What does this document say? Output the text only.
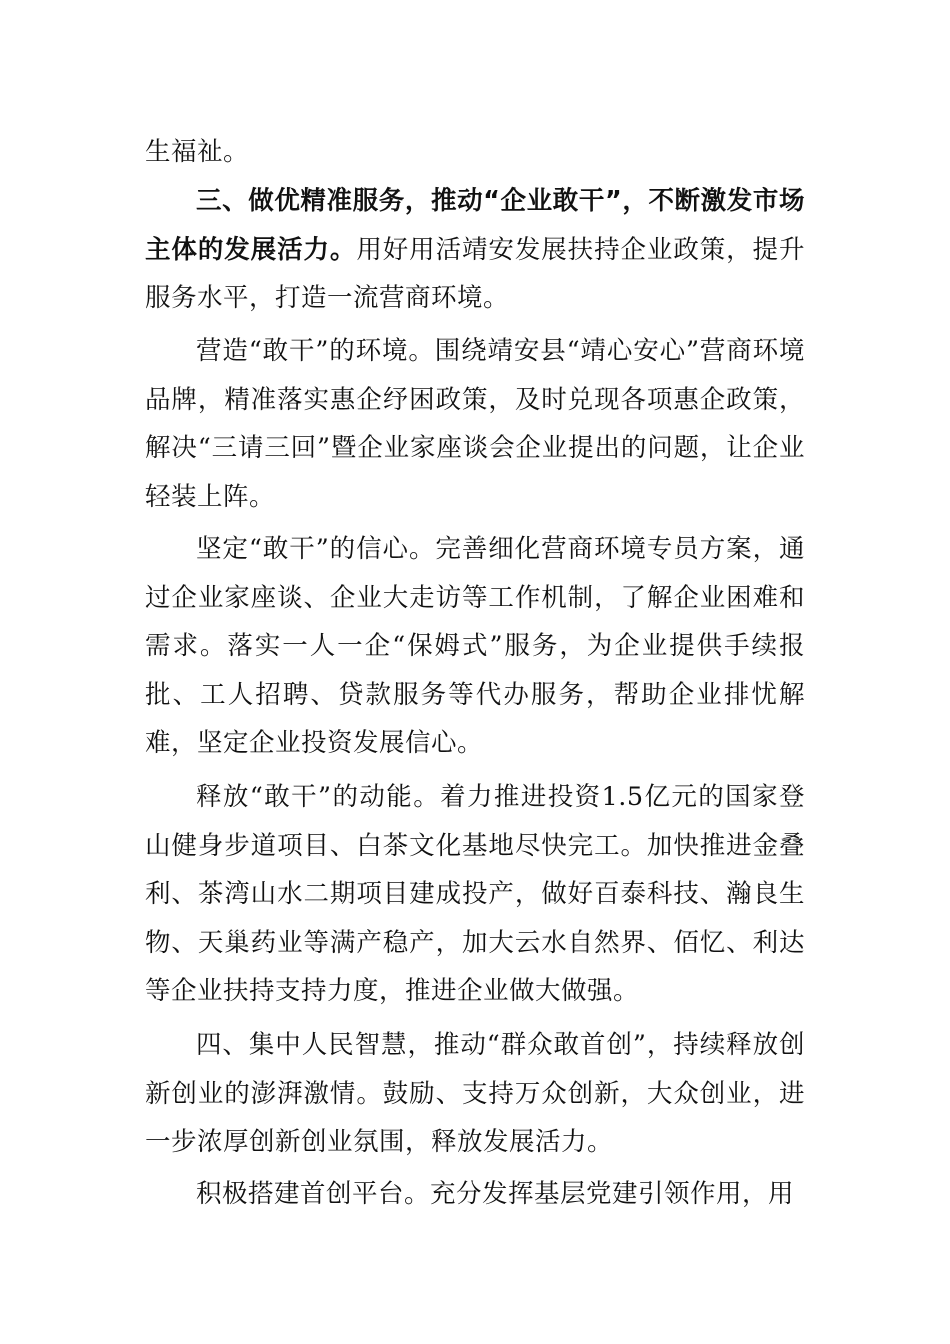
生福祉。

三、做优精准服务，推动“企业敢干”，不断激发市场主体的发展活力。用好用活靖安发展扶持企业政策，提升服务水平，打造一流营商环境。

营造“敢干”的环境。围绕靖安县“靖心安心”营商环境品牌，精准落实惠企纾困政策，及时兑现各项惠企政策，解决“三请三回”暨企业家座谈会企业提出的问题，让企业轻装上阵。

坚定“敢干”的信心。完善细化营商环境专员方案，通过企业家座谈、企业大走访等工作机制，了解企业困难和需求。落实一人一企“保姆式”服务，为企业提供手续报批、工人招聘、贷款服务等代办服务，帮助企业排忧解难，坚定企业投资发展信心。

释放“敢干”的动能。着力推进投资1.5亿元的国家登山健身步道项目、白茶文化基地尽快完工。加快推进金叠利、茶湾山水二期项目建成投产，做好百泰科技、瀚良生物、天巢药业等满产稳产，加大云水自然界、佰忆、利达等企业扶持支持力度，推进企业做大做强。

四、集中人民智慧，推动“群众敢首创”，持续释放创新创业的澎湃激情。鼓励、支持万众创新，大众创业，进一步浓厚创新创业氛围，释放发展活力。

积极搭建首创平台。充分发挥基层党建引领作用，用
